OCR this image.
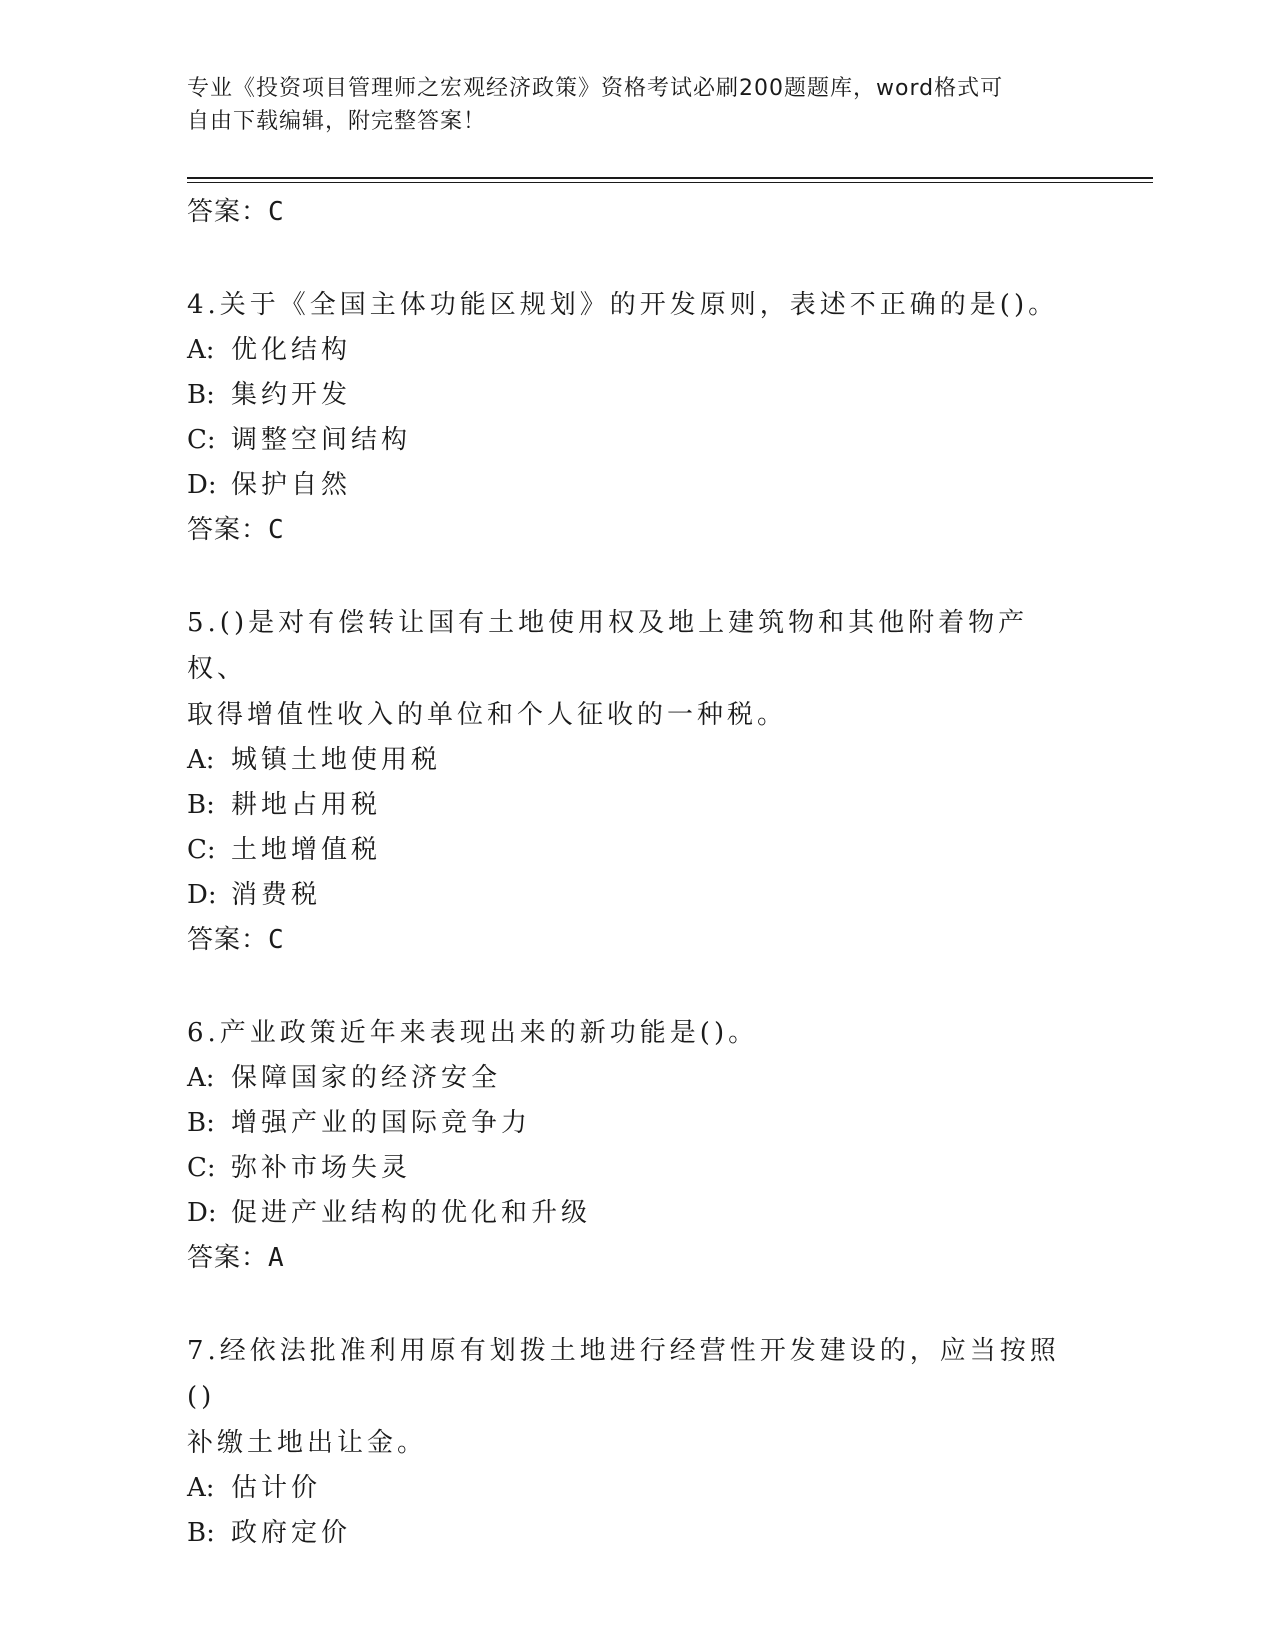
专业《投资项目管理师之宏观经济政策》资格考试必刷200题题库，word格式可
自由下载编辑，附完整答案！
答案：C
4.关于《全国主体功能区规划》的开发原则，表述不正确的是()。
A: 优化结构
B: 集约开发
C: 调整空间结构
D: 保护自然
答案：C
5.()是对有偿转让国有土地使用权及地上建筑物和其他附着物产权、
取得增值性收入的单位和个人征收的一种税。
A: 城镇土地使用税
B: 耕地占用税
C: 土地增值税
D: 消费税
答案：C
6.产业政策近年来表现出来的新功能是()。
A: 保障国家的经济安全
B: 增强产业的国际竞争力
C: 弥补市场失灵
D: 促进产业结构的优化和升级
答案：A
7.经依法批准利用原有划拨土地进行经营性开发建设的，应当按照()
补缴土地出让金。
A: 估计价
B: 政府定价
